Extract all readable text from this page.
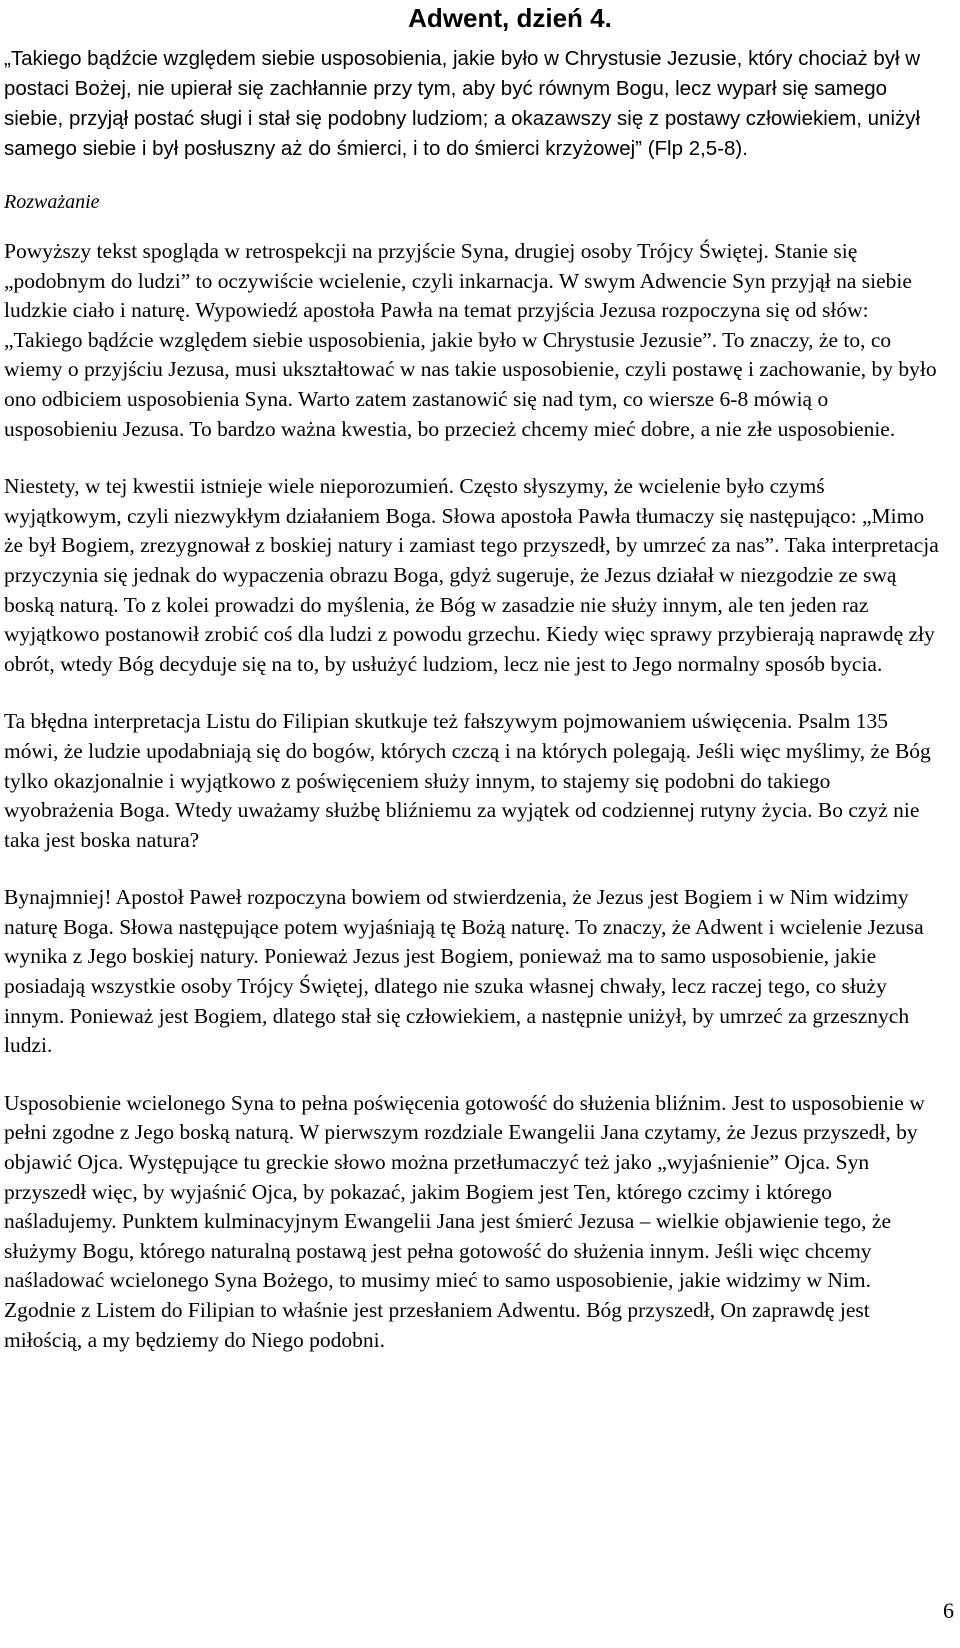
Adwent, dzień 4.

„Takiego bądźcie względem siebie usposobienia, jakie było w Chrystusie Jezusie, który chociaż był w postaci Bożej, nie upierał się zachłannie przy tym, aby być równym Bogu, lecz wyparł się samego siebie, przyjął postać sługi i stał się podobny ludziom; a okazawszy się z postawy człowiekiem, uniżył samego siebie i był posłuszny aż do śmierci, i to do śmierci krzyżowej” (Flp 2,5-8).

Rozważanie

Powyższy tekst spogląda w retrospekcji na przyjście Syna, drugiej osoby Trójcy Świętej. Stanie się „podobnym do ludzi” to oczywiście wcielenie, czyli inkarnacja. W swym Adwencie Syn przyjął na siebie ludzkie ciało i naturę. Wypowiedź apostoła Pawła na temat przyjścia Jezusa rozpoczyna się od słów: „Takiego bądźcie względem siebie usposobienia, jakie było w Chrystusie Jezusie”. To znaczy, że to, co wiemy o przyjściu Jezusa, musi ukształtować w nas takie usposobienie, czyli postawę i zachowanie, by było ono odbiciem usposobienia Syna. Warto zatem zastanowić się nad tym, co wiersze 6-8 mówią o usposobieniu Jezusa. To bardzo ważna kwestia, bo przecież chcemy mieć dobre, a nie złe usposobienie.

Niestety, w tej kwestii istnieje wiele nieporozumień. Często słyszymy, że wcielenie było czymś wyjątkowym, czyli niezwykłym działaniem Boga. Słowa apostoła Pawła tłumaczy się następująco: „Mimo że był Bogiem, zrezygnował z boskiej natury i zamiast tego przyszedł, by umrzeć za nas”. Taka interpretacja przyczynia się jednak do wypaczenia obrazu Boga, gdyż sugeruje, że Jezus działał w niezgodzie ze swą boską naturą. To z kolei prowadzi do myślenia, że Bóg w zasadzie nie służy innym, ale ten jeden raz wyjątkowo postanowił zrobić coś dla ludzi z powodu grzechu. Kiedy więc sprawy przybierają naprawdę zły obrót, wtedy Bóg decyduje się na to, by usłużyć ludziom, lecz nie jest to Jego normalny sposób bycia.

Ta błędna interpretacja Listu do Filipian skutkuje też fałszywym pojmowaniem uświęcenia. Psalm 135 mówi, że ludzie upodabniają się do bogów, których czczą i na których polegają. Jeśli więc myślimy, że Bóg tylko okazjonalnie i wyjątkowo z poświęceniem służy innym, to stajemy się podobni do takiego wyobrażenia Boga. Wtedy uważamy służbę bliźniemu za wyjątek od codziennej rutyny życia. Bo czyż nie taka jest boska natura?

Bynajmniej! Apostoł Paweł rozpoczyna bowiem od stwierdzenia, że Jezus jest Bogiem i w Nim widzimy naturę Boga. Słowa następujące potem wyjaśniają tę Bożą naturę. To znaczy, że Adwent i wcielenie Jezusa wynika z Jego boskiej natury. Ponieważ Jezus jest Bogiem, ponieważ ma to samo usposobienie, jakie posiadają wszystkie osoby Trójcy Świętej, dlatego nie szuka własnej chwały, lecz raczej tego, co służy innym. Ponieważ jest Bogiem, dlatego stał się człowiekiem, a następnie uniżył, by umrzeć za grzesznych ludzi.

Usposobienie wcielonego Syna to pełna poświęcenia gotowość do służenia bliźnim. Jest to usposobienie w pełni zgodne z Jego boską naturą. W pierwszym rozdziale Ewangelii Jana czytamy, że Jezus przyszedł, by objawić Ojca. Występujące tu greckie słowo można przetłumaczyć też jako „wyjaśnienie” Ojca. Syn przyszedł więc, by wyjaśnić Ojca, by pokazać, jakim Bogiem jest Ten, którego czcimy i którego naśladujemy. Punktem kulminacyjnym Ewangelii Jana jest śmierć Jezusa – wielkie objawienie tego, że służymy Bogu, którego naturalną postawą jest pełna gotowość do służenia innym. Jeśli więc chcemy naśladować wcielonego Syna Bożego, to musimy mieć to samo usposobienie, jakie widzimy w Nim. Zgodnie z Listem do Filipian to właśnie jest przesłaniem Adwentu. Bóg przyszedł, On zaprawdę jest miłością, a my będziemy do Niego podobni.

6
